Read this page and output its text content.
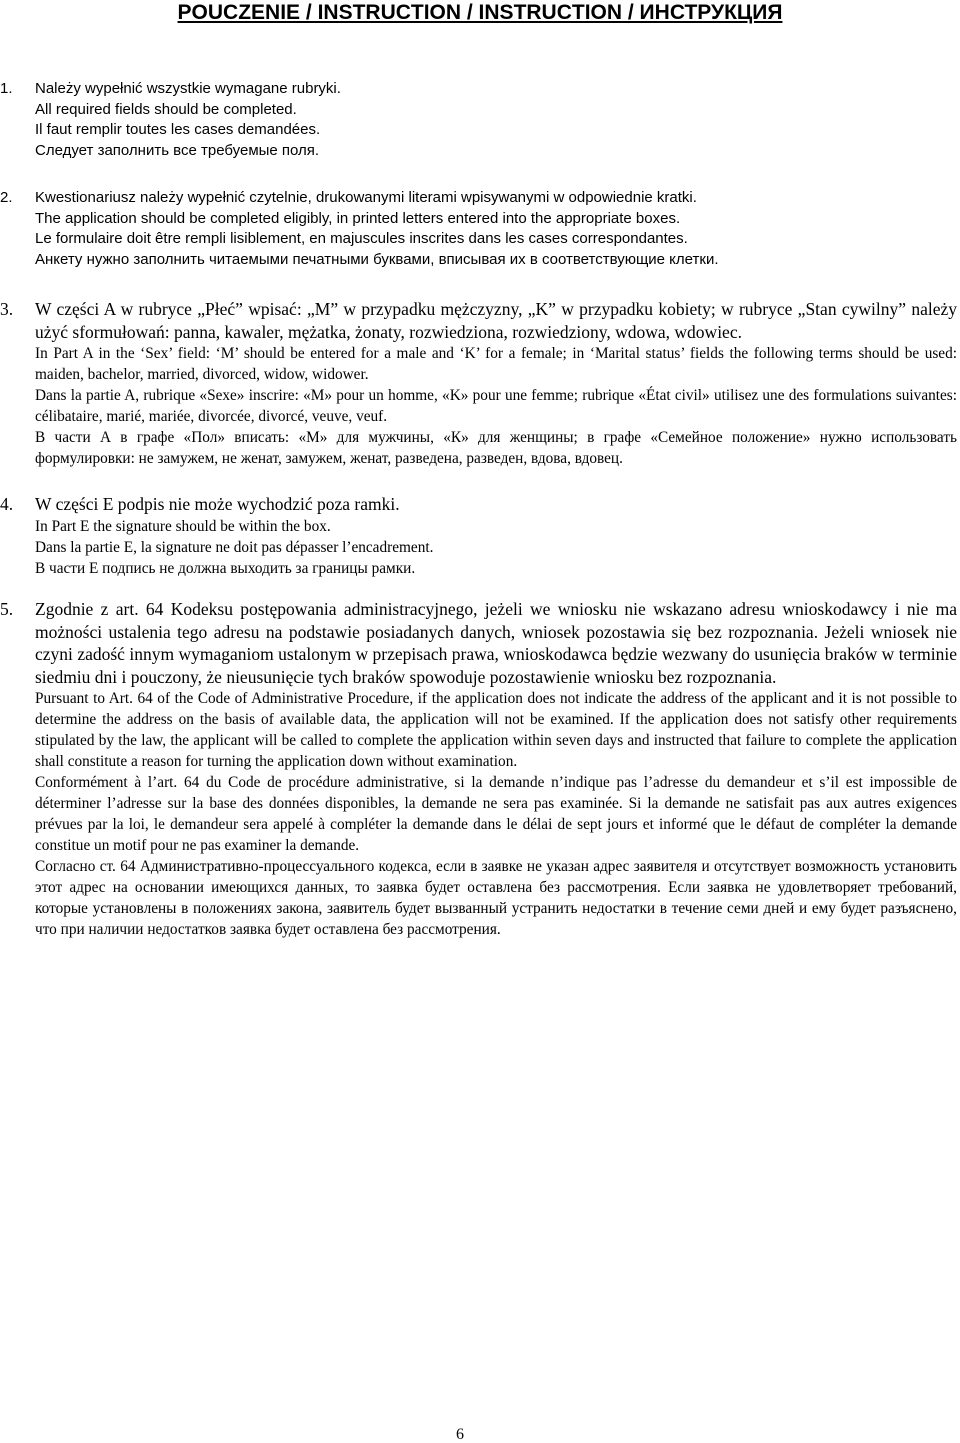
POUCZENIE / INSTRUCTION / INSTRUCTION / ИНСТРУКЦИЯ
1.	Należy wypełnić wszystkie wymagane rubryki.

All required fields should be completed.

Il faut remplir toutes les cases demandées.

Следует заполнить все требуемые поля.

2.	Kwestionariusz należy wypełnić czytelnie, drukowanymi literami wpisywanymi w odpowiednie kratki.

The application should be completed eligibly, in printed letters entered into the appropriate boxes.

Le formulaire doit être rempli lisiblement, en majuscules inscrites dans les cases correspondantes.

Анкету нужно заполнить читаемыми печатными буквами, вписывая их в соответствующие клетки.

3.	W części A w rubryce „Płeć” wpisać: „M” w przypadku mężczyzny, „K” w przypadku kobiety; w rubryce „Stan cywilny” należy użyć sformułowań: panna, kawaler, mężatka, żonaty, rozwiedziona, rozwiedziony, wdowa, wdowiec.

In Part A in the ‘Sex’ field: ‘M’ should be entered for a male and ‘K’ for a female; in ‘Marital status’ fields the following terms should be used: maiden, bachelor, married, divorced, widow, widower.

Dans la partie A, rubrique «Sexe» inscrire: «M» pour un homme, «K» pour une femme; rubrique «État civil» utilisez une des formulations suivantes: célibataire, marié, mariée, divorcée, divorcé, veuve, veuf.

В части А в графе «Пол» вписать: «М» для мужчины, «К» для женщины; в графе «Семейное положение» нужно использовать формулировки: не замужем, не женат, замужем, женат, разведена, разведен, вдова, вдовец.

4.	W części E podpis nie może wychodzić poza ramki.

In Part E the signature should be within the box.

Dans la partie E, la signature ne doit pas dépasser l’encadrement.

В части Е подпись не должна выходить за границы рамки.

5.	Zgodnie z art. 64 Kodeksu postępowania administracyjnego, jeżeli we wniosku nie wskazano adresu wnioskodawcy i nie ma możności ustalenia tego adresu na podstawie posiadanych danych, wniosek pozostawia się bez rozpoznania. Jeżeli wniosek nie czyni zadość innym wymaganiom ustalonym w przepisach prawa, wnioskodawca będzie wezwany do usunięcia braków w terminie siedmiu dni i pouczony, że nieusunięcie tych braków spowoduje pozostawienie wniosku bez rozpoznania.

Pursuant to Art. 64 of the Code of Administrative Procedure, if the application does not indicate the address of the applicant and it is not possible to determine the address on the basis of available data, the application will not be examined. If the application does not satisfy other requirements stipulated by the law, the applicant will be called to complete the application within seven days and instructed that failure to complete the application shall constitute a reason for turning the application down without examination.

Conformément à l’art. 64 du Code de procédure administrative, si la demande n’indique pas l’adresse du demandeur et s’il est impossible de déterminer l’adresse sur la base des données disponibles, la demande ne sera pas examinée. Si la demande ne satisfait pas aux autres exigences prévues par la loi, le demandeur sera appelé à compléter la demande dans le délai de sept jours et informé que le défaut de compléter la demande constitue un motif pour ne pas examiner la demande.

Согласно ст. 64 Административно-процессуального кодекса, если в заявке не указан адрес заявителя и отсутствует возможность установить этот адрес на основании имеющихся данных, то заявка будет оставлена без рассмотрения. Если заявка не удовлетворяет требований, которые установлены в положениях закона, заявитель будет вызванный устранить недостатки в течение семи дней и ему будет разъяснено, что при наличии недостатков заявка будет оставлена без рассмотрения.

6
